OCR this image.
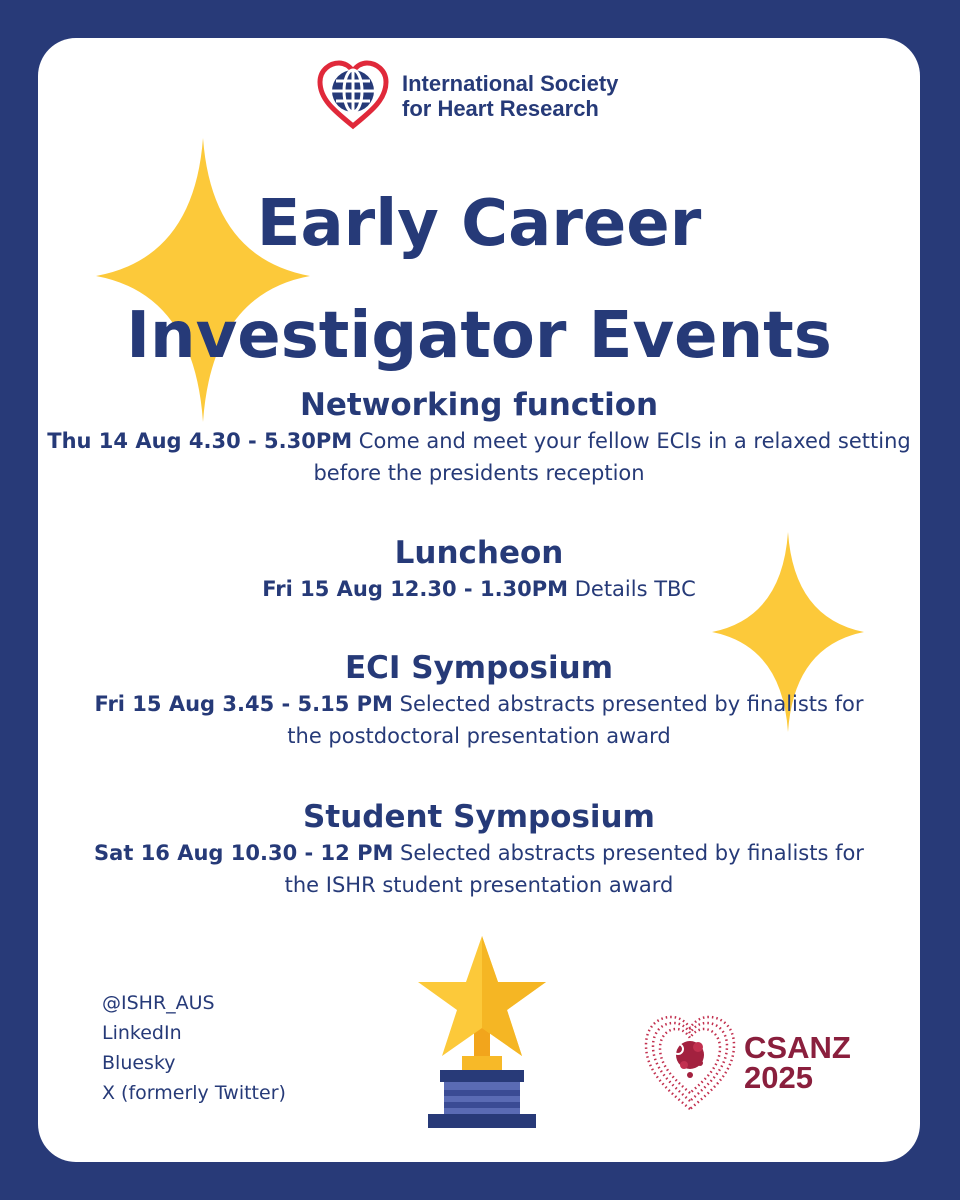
International Society
for Heart Research
Early Career
Investigator Events
Networking function

Thu 14 Aug 4.30 - 5.30PM Come and meet your fellow ECIs in a relaxed setting before the presidents reception

Luncheon

Fri 15 Aug 12.30 - 1.30PM Details TBC

ECI Symposium

Fri 15 Aug 3.45 - 5.15 PM Selected abstracts presented by finalists for the postdoctoral presentation award

Student Symposium

Sat 16 Aug 10.30 - 12 PM Selected abstracts presented by finalists for the ISHR student presentation award

@ISHR_AUS
LinkedIn
Bluesky
X (formerly Twitter)
CSANZ
2025
